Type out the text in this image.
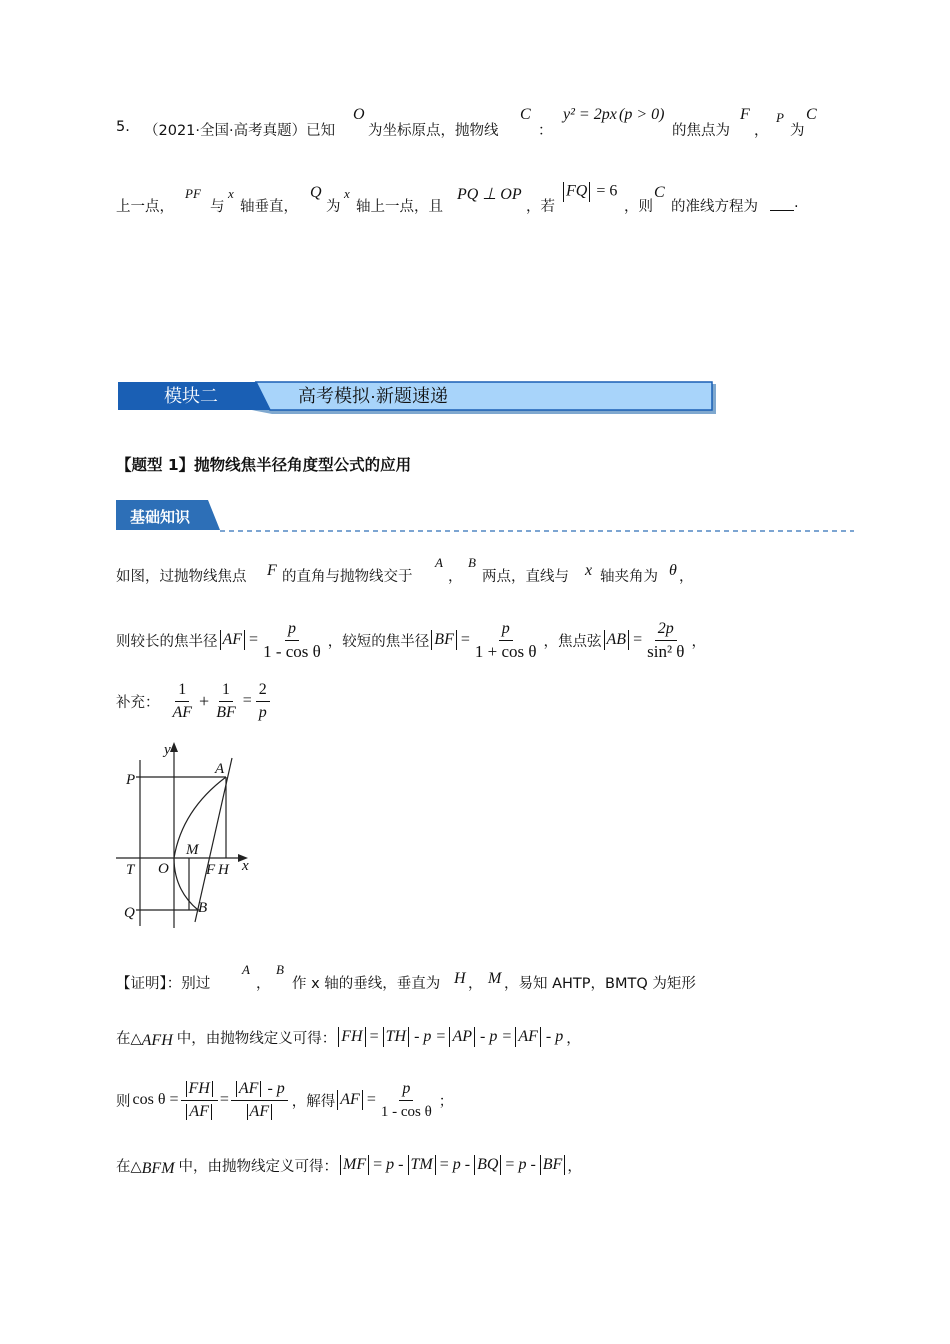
5. （2021·全国·高考真题）已知
O
为坐标原点，抛物线
C
：
y² = 2px (p > 0)
的焦点为
F
，
P
为
C
上一点，
PF
与
x
轴垂直，
Q
为
x
轴上一点，且
PQ ⊥ OP
，若
FQ = 6
，则
C
的准线方程为 .
模块二	高考模拟·新题速递
【题型 1】抛物线焦半径角度型公式的应用
基础知识
如图，过抛物线焦点 F 的直角与抛物线交于
A
，
B
两点，直线与 x 轴夹角为 θ ，
则较长的焦半径 AF = $\frac{p}{\text{1 - cos θ}}$ ，较短的焦半径 BF = $\frac{p}{\text{1 + cos θ}}$ ，焦点弦 AB = $\frac{2p}{\text{sin² θ}}$ ，
补充： $\frac{1}{AF} + \frac{1}{BF} = \frac{2}{p}$
y
x
P
A
T O
M
F H
Q	B
【证明】：别过
A
，
B
作 x 轴的垂线，垂直为 H ， M ，易知 AHTP，BMTQ 为矩形
在△ AFH 中，由抛物线定义可得： FH = TH - p = AP - p = AF - p ，
则 $\cos \theta = \frac{FH}{AF} = \frac{AF - p}{AF}$ ，解得 AF = $\frac{p}{\text{1 - cos θ}}$ ；
在△ BFM 中，由抛物线定义可得： MF = p - TM = p - BQ = p - BF ，
